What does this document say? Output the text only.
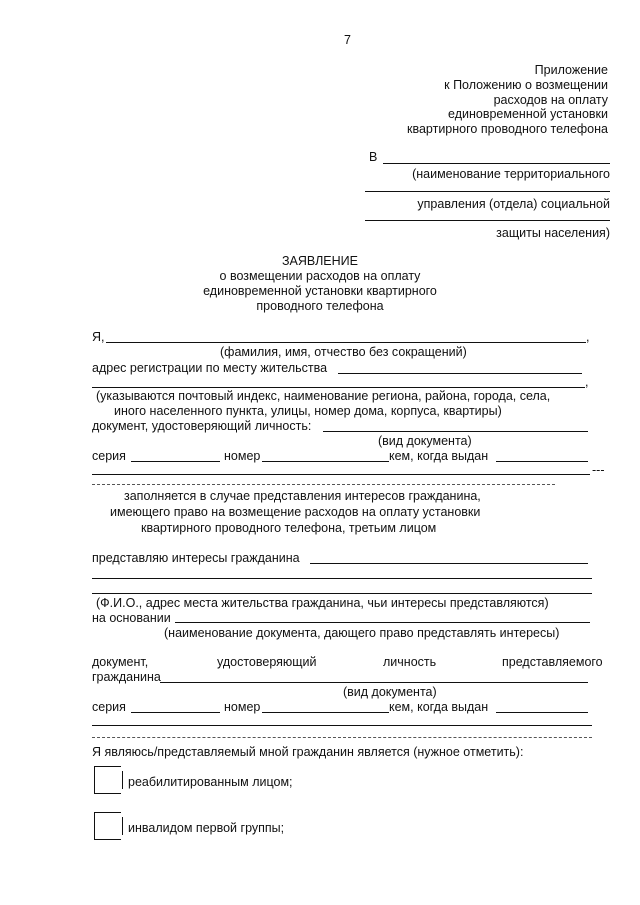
7
Приложение
к Положению о возмещении
расходов на оплату
единовременной установки
квартирного проводного телефона
В
(наименование территориального
управления (отдела) социальной
защиты населения)
ЗАЯВЛЕНИЕ
о возмещении расходов на оплату
единовременной установки квартирного
проводного телефона
Я,	,
(фамилия, имя, отчество без сокращений)
адрес регистрации по месту жительства
,
(указываются почтовый индекс, наименование региона, района, города, села,
иного населенного пункта, улицы, номер дома, корпуса, квартиры)
документ, удостоверяющий личность:
(вид документа)
серия	номер	кем, когда выдан
---
заполняется в случае представления интересов гражданина,
имеющего право на возмещение расходов на оплату установки
квартирного проводного телефона, третьим лицом
представляю интересы гражданина
(Ф.И.О., адрес места жительства гражданина, чьи интересы представляются)
на основании
(наименование документа, дающего право представлять интересы)
документ,	удостоверяющий	личность	представляемого
гражданина
(вид документа)
серия	номер	кем, когда выдан
Я являюсь/представляемый мной гражданин является (нужное отметить):
реабилитированным лицом;
инвалидом первой группы;
